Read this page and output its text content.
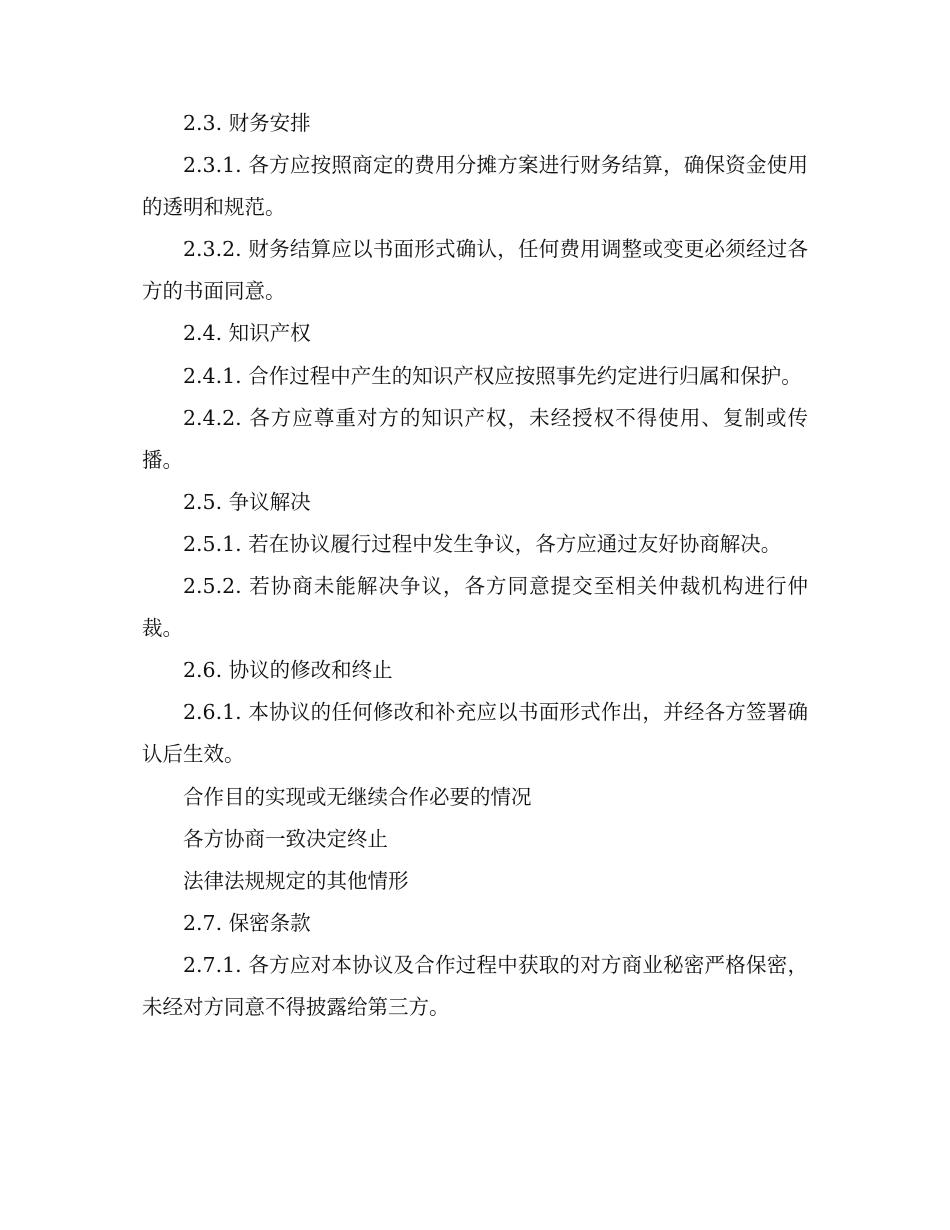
2.3. 财务安排

2.3.1. 各方应按照商定的费用分摊方案进行财务结算，确保资金使用的透明和规范。

2.3.2. 财务结算应以书面形式确认，任何费用调整或变更必须经过各方的书面同意。

2.4. 知识产权

2.4.1. 合作过程中产生的知识产权应按照事先约定进行归属和保护。

2.4.2. 各方应尊重对方的知识产权，未经授权不得使用、复制或传播。

2.5. 争议解决

2.5.1. 若在协议履行过程中发生争议，各方应通过友好协商解决。

2.5.2. 若协商未能解决争议，各方同意提交至相关仲裁机构进行仲裁。

2.6. 协议的修改和终止

2.6.1. 本协议的任何修改和补充应以书面形式作出，并经各方签署确认后生效。

合作目的实现或无继续合作必要的情况

各方协商一致决定终止

法律法规规定的其他情形

2.7. 保密条款

2.7.1. 各方应对本协议及合作过程中获取的对方商业秘密严格保密，未经对方同意不得披露给第三方。
